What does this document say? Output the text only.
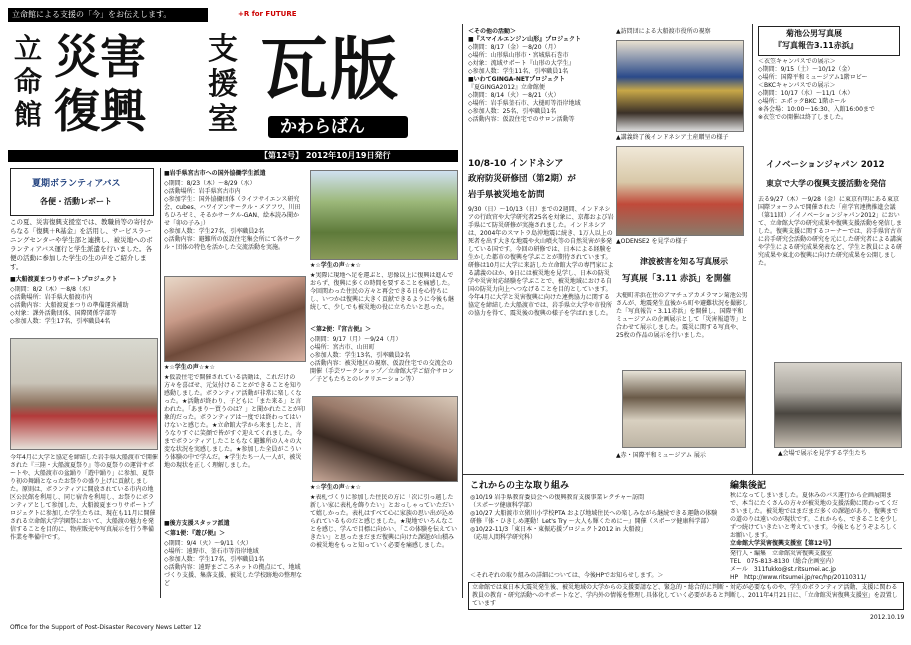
立命館による支援の「今」をお伝えします。	+R for FUTURE
立
命
館
災害
復興
支
援
室
瓦版
かわらばん
【第12号】 2012年10月19日発行
夏期ボランティアバス
各便・活動レポート
この夏、災害復興支援室では、教職員等の寄付からなる「復興＋R基金」を活用し、サービスラーニングセンターや学生部と連携し、被災地へのボランティアバス運行と学生派遣を行いました。各便の活動に参加した学生の生の声をご紹介します。
■大船渡夏まつりサポートプロジェクト
◇期間：8/2（木）～8/8（水）
◇活動場所：岩手県大船渡市内
◇活動内容：大船渡夏まつりの準備運営補助
◇対象：課外活動団体、国際関係学部等
◇参加人数：学生17名、引率職員4名
今年4月に大学と協定を締結した岩手県大船渡市で開催された『三陸・大船渡夏祭り』等の夏祭りの運営サポートや、大船渡市の盆踊り「遊中踊り」に参加、夏祭り初の舞踊となったお祭りの盛り上げに貢献しました。原則は、ボランティアに開放されている市内の地区公民館を利用し、同じ宿舎を利用し、お祭りにボランティアとして参加した、大船渡夏まつりサポートプロジェクトに参加した学生たちは、現在も11月に開催される立命館大学学園祭において、大船渡の魅力を発信することを目的に、物産販売や写真展示を行う準備作業を準備中です。
■岩手県宮古市への国外協働学生派遣
◇期間：8/23（木）～8/29（水）
◇活動場所：岩手県宮古市内
◇参加学生：国外協働団体（ライフサイエンス研究会、cubes、ハワイアンサークル・メアフワ、川田ちひろゼミ、そるかサークル-GAN、絵本読み聞かせ「卯の子み」）
◇参加人数：学生27名、引率職員2名
◇活動内容：避難所の仮設住宅集会所にて各サークル・団体の特色を活かした交流活動を実施。
★☆学生の声☆★☆
★仮設住宅で開催されている活動は、これだけの方々を喜ばせ、元気付けることができることを知り感動しました。ボランティア活動が非常に楽しくなった。★活動が終わり、子どもに「また来る」と言われた。「あまり～買うのは？」と聞かれたことが印象的だった。ボランティアは一度では終わってはいけないと感じた。★立命館大学から来ましたと、言うなりすぐに笑顔で皆がすぐ迎えてくれました。今までボランティアしたこともなく避難所の人々の大変な状況を実感しました。★参加した全員がこういう体験の中で学んだ。★学生たち一人一人が、被災地の現状を正しく理解しました。
■後方支援スタッフ派遣
＜第1便：『遊び便』＞
◇期間：9/4（火）～9/11（火）
◇場所：遠野市、釜石市等沿岸地域
◇参加人数：学生17名、引率職員1名
◇活動内容：遠野まごころネットの拠点にて、地域づくり支援、集落支援、被災した学校跡地の整理など
★☆学生の声☆★☆
★実際に現地へ足を運ぶと、思像以上に復興は進んでおらず、復興に多くの時間を要することを痛感した。今回関わった住民の方々と再会できる日を心待ちにし、いつかは復興に大きく貢献できるように今後も継続して、少しでも被災地の役に立ちたいと思った。
＜第2便：『宮古便』＞
◇期間：9/17（月）～9/24（月）
◇場所：宮古市、山田町
◇参加人数：学生13名、引率職員2名
◇活動内容：被災地区の視察、仮設住宅での交流会の開催（手芸ワークショップ／立命館大学ご紹介サロン／子どもたちとのレクリエーション等）
★☆学生の声☆★☆
★表札づくりに参加した住民の方に「次に引っ越した新しい家に表札を飾りたい」とおっしゃっていただいて嬉しかった。表札はすべて心に家族の思い出が込められているものだと感じました。★現地でいろんなことを感じ、学んで目標に向かい、「この体験を伝えていきたい」と思ったまだまだ復興に向けた課題が山積みの被災地をもっと知っていく必要を痛感しました。
＜その他の活動＞
■『スマイルエンジン山形』プロジェクト
◇期間：8/17（金）～8/20（月）
◇場所：山形県山形市・宮城県石巻市
◇対象：流域サポート『山形の大学生』
◇参加人数：学生11名、引率職員1名
■いわてGINGA-NETプロジェクト
『夏GINGA2012』立命館便
◇期間：8/14（火）～8/21（火）
◇場所：岩手県釜石市、大槌町等沿岸地域
◇参加人数：25名、引率職員1名
◇活動内容：仮設住宅でのサロン活動等
10/8-10 インドネシア
政府防災研修団（第2期）が
岩手県被災地を訪問
9/30（日）～10/13（日）までの2週間、インドネシアの行政官や大学研究者25名を対象に、京都および岩手県にて防災研修が実施されました。インドネシアは、2004年のスマトラ島沖地震に続き、1万人以上の死者を出す大きな地震や火山噴火等の自然災害が多発している国です。今回の研修では、日本による経験を生かした都市の復興を学ぶことが期待されています。研修は10月に大学に来訪した立命館大学の専門家による講義のほか、9日には被災地を見学し、日本の防災学や災害対応経験を学ぶことで、被災地域における自国の防災力向上へつなげることを目的としています。今年4月に大学と災害復興に向けた連携協力に関する協定を締結した大船渡市では、岩手県立大学や市役所の協力を得て、震災後の復興の様子を学ばれました。
▲訪問団による大船渡市役所の視察
▲講義終了後インドネシア土産贈呈の様子
▲ODENSE2 を見学の様子
津波被害を知る写真展示
写真展「3.11 赤浜」を開催
大槌町赤浜在住のアマチュアカメラマン菊池公男さんが、地震発生直後から町や避難状況を撮影した「写真報告・3.11赤浜」を開催し、国際平和ミュージアムの企画展示として「災害報道等」と合わせて展示しました。震災に関する写真や、25枚の作品の展示を行いました。
▲赤・国際平和ミュージアム 展示
菊池公男写真展
『写真報告3.11赤浜』
＜衣笠キャンパスでの展示＞
◇期間：9/15（土）～10/12（金）
◇場所：国際平和ミュージアム1階ロビー
＜BKCキャンパスでの展示＞
◇期間：10/17（水）～11/1（木）
◇場所：エポックBKC 1階ホール
※各会場：10:00～16:30、入館16:00まで
※衣笠での開催は終了しました。
イノベーションジャパン 2012
東京で大学の復興支援活動を発信
去る9/27（木）～9/28（金）に東京有明にある東京国際フォーラムで開催された「産学官連携推進会議（第11回）／イノベーションジャパン2012」において、立命館大学の研究成果や復興支援活動を発信しました。復興支援に関するコーナーでは、岩手県宮古市に岩手研究会活動の研究を元にした研究者による講演や学生による研究成果発表など、学生と教員による研究成果や東北の復興に向けた研究成果を公開しました。
▲会場で展示を見学する学生たち
これからの主な取り組み
◎10/19 岩手県教育委員会への復興教育支援事業レクチャー訪問
（スポーツ健康科学部）
◎10/27 大船渡市立猪川小学校PTA および地域住民への楽しみながら継続できる運動の体験研修『体・ひきしめ運動！Let's Try ～大人も輝くために～』開催（スポーツ健康科学部）
◎10/22-11/3「東日本・東振応援プロジェクト2012 in 大船渡」
（応用人間科学研究科）
＜それぞれの取り組みの詳細については、今後HPでお知らせします。＞
立命館では東日本大震災発生後、被災地域の大学からの支援要請など、緊急的・総合的に判断・対応が必要なものや、学生のボランティア活動、支援に関わる教員の教育・研究活動へのサポートなど、学内外の情報を整理し具体化していく必要があると判断し、2011年4月21日に、「立命館災害復興支援室」を設置しています
編集後記
秋になってしまいました。夏休みのバス運行から企画展開まで、本当にたくさんの方々が被災地の支援活動に関わってくださいました。被災地ではまだまだ多くの課題があり、復興までの道のりは遠いのが現状です。これからも、できることを少しずつ続けていきたいと考えています。今後ともどうぞよろしくお願いします。
立命館大学災害復興支援室【第12号】
発行人・編集　立命館災害復興支援室
TEL　075-813-8130（総合企画室内）
メール　311fukko@st.ritsumei.ac.jp
HP　http://www.ritsumei.jp/rec/hp/20110311/
Office for the Support of Post-Disaster Recovery News Letter 12
2012.10.19
